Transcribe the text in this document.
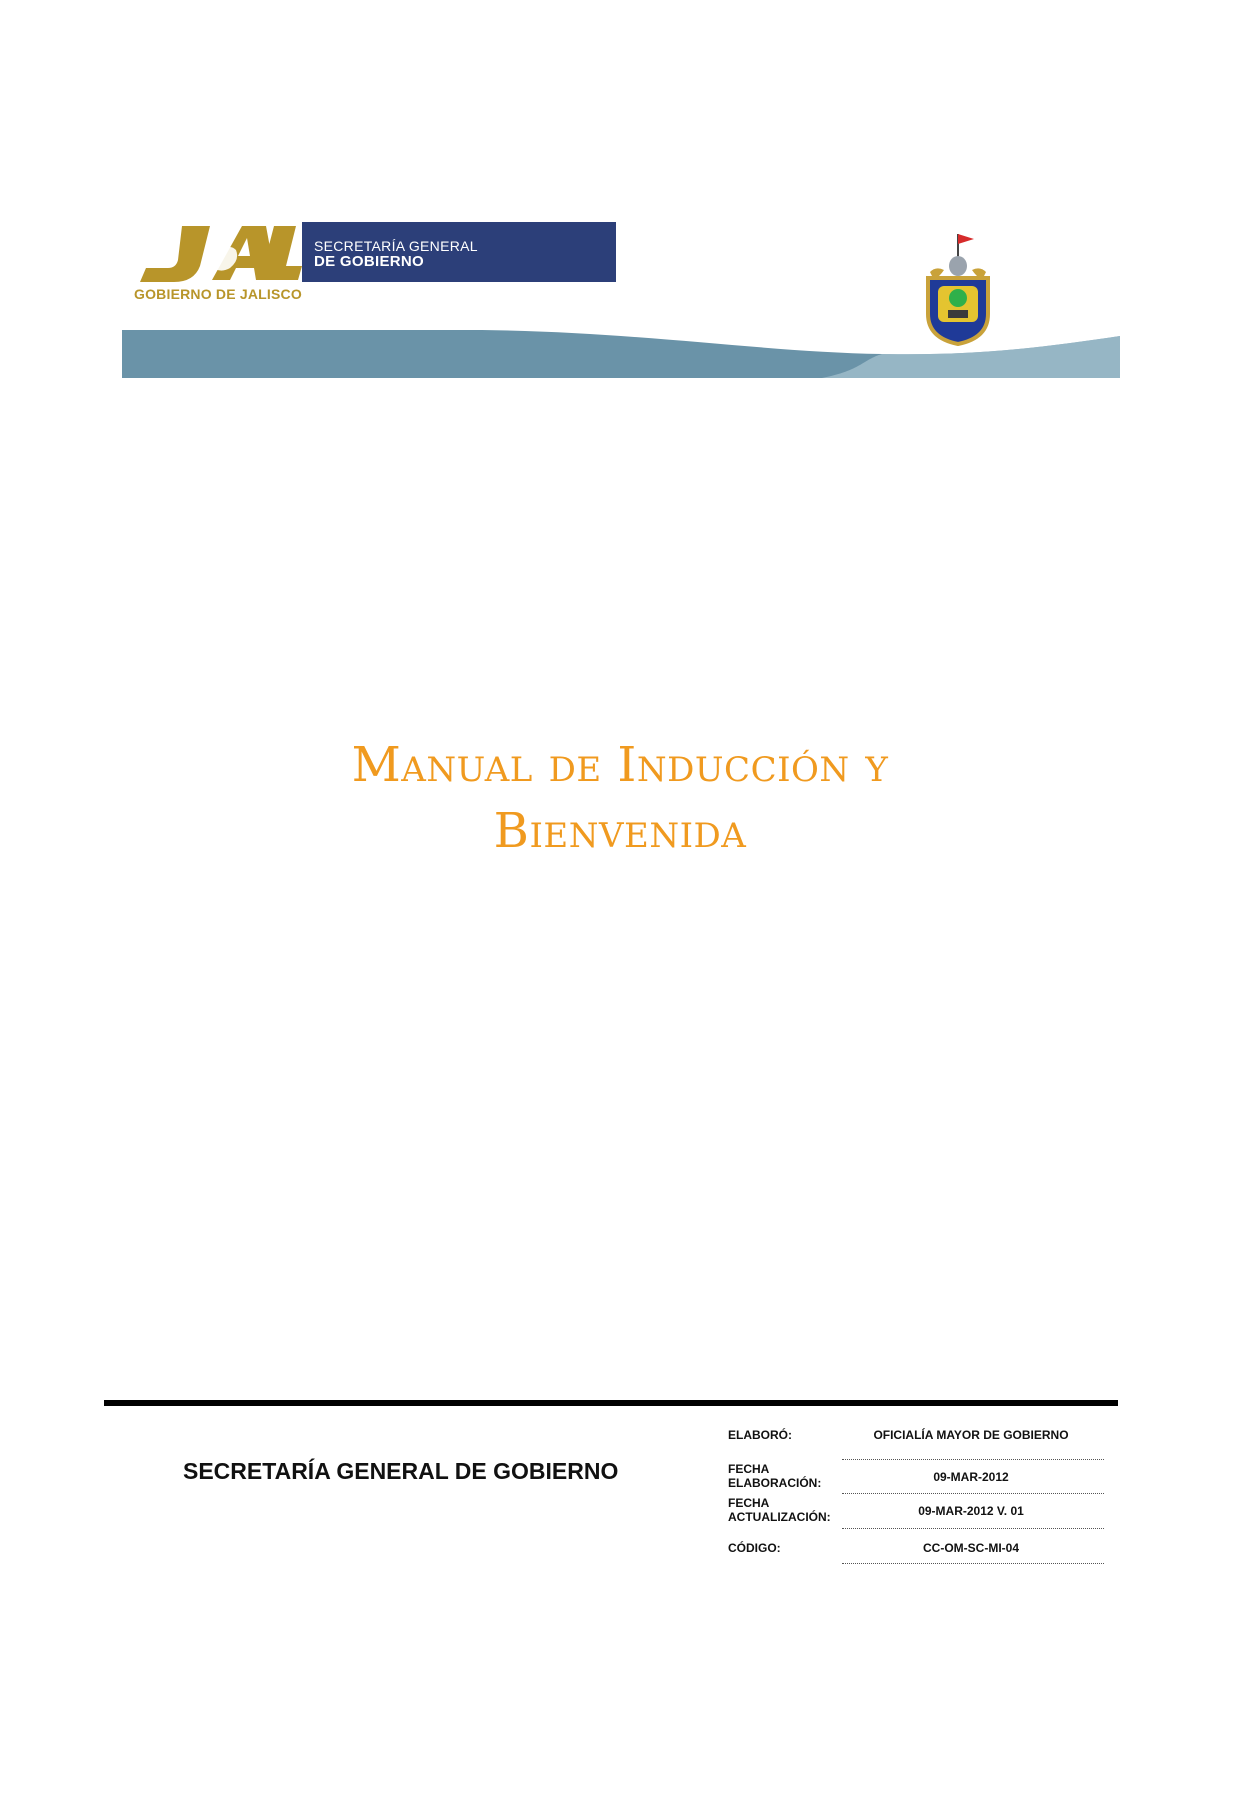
SECRETARÍA GENERAL
DE GOBIERNO
GOBIERNO DE JALISCO
Manual de Inducción y
Bienvenida
SECRETARÍA GENERAL DE GOBIERNO
ELABORÓ:	OFICIALÍA MAYOR DE GOBIERNO
FECHA ELABORACIÓN:	09-MAR-2012
FECHA ACTUALIZACIÓN:	09-MAR-2012 V. 01
CÓDIGO:	CC-OM-SC-MI-04
